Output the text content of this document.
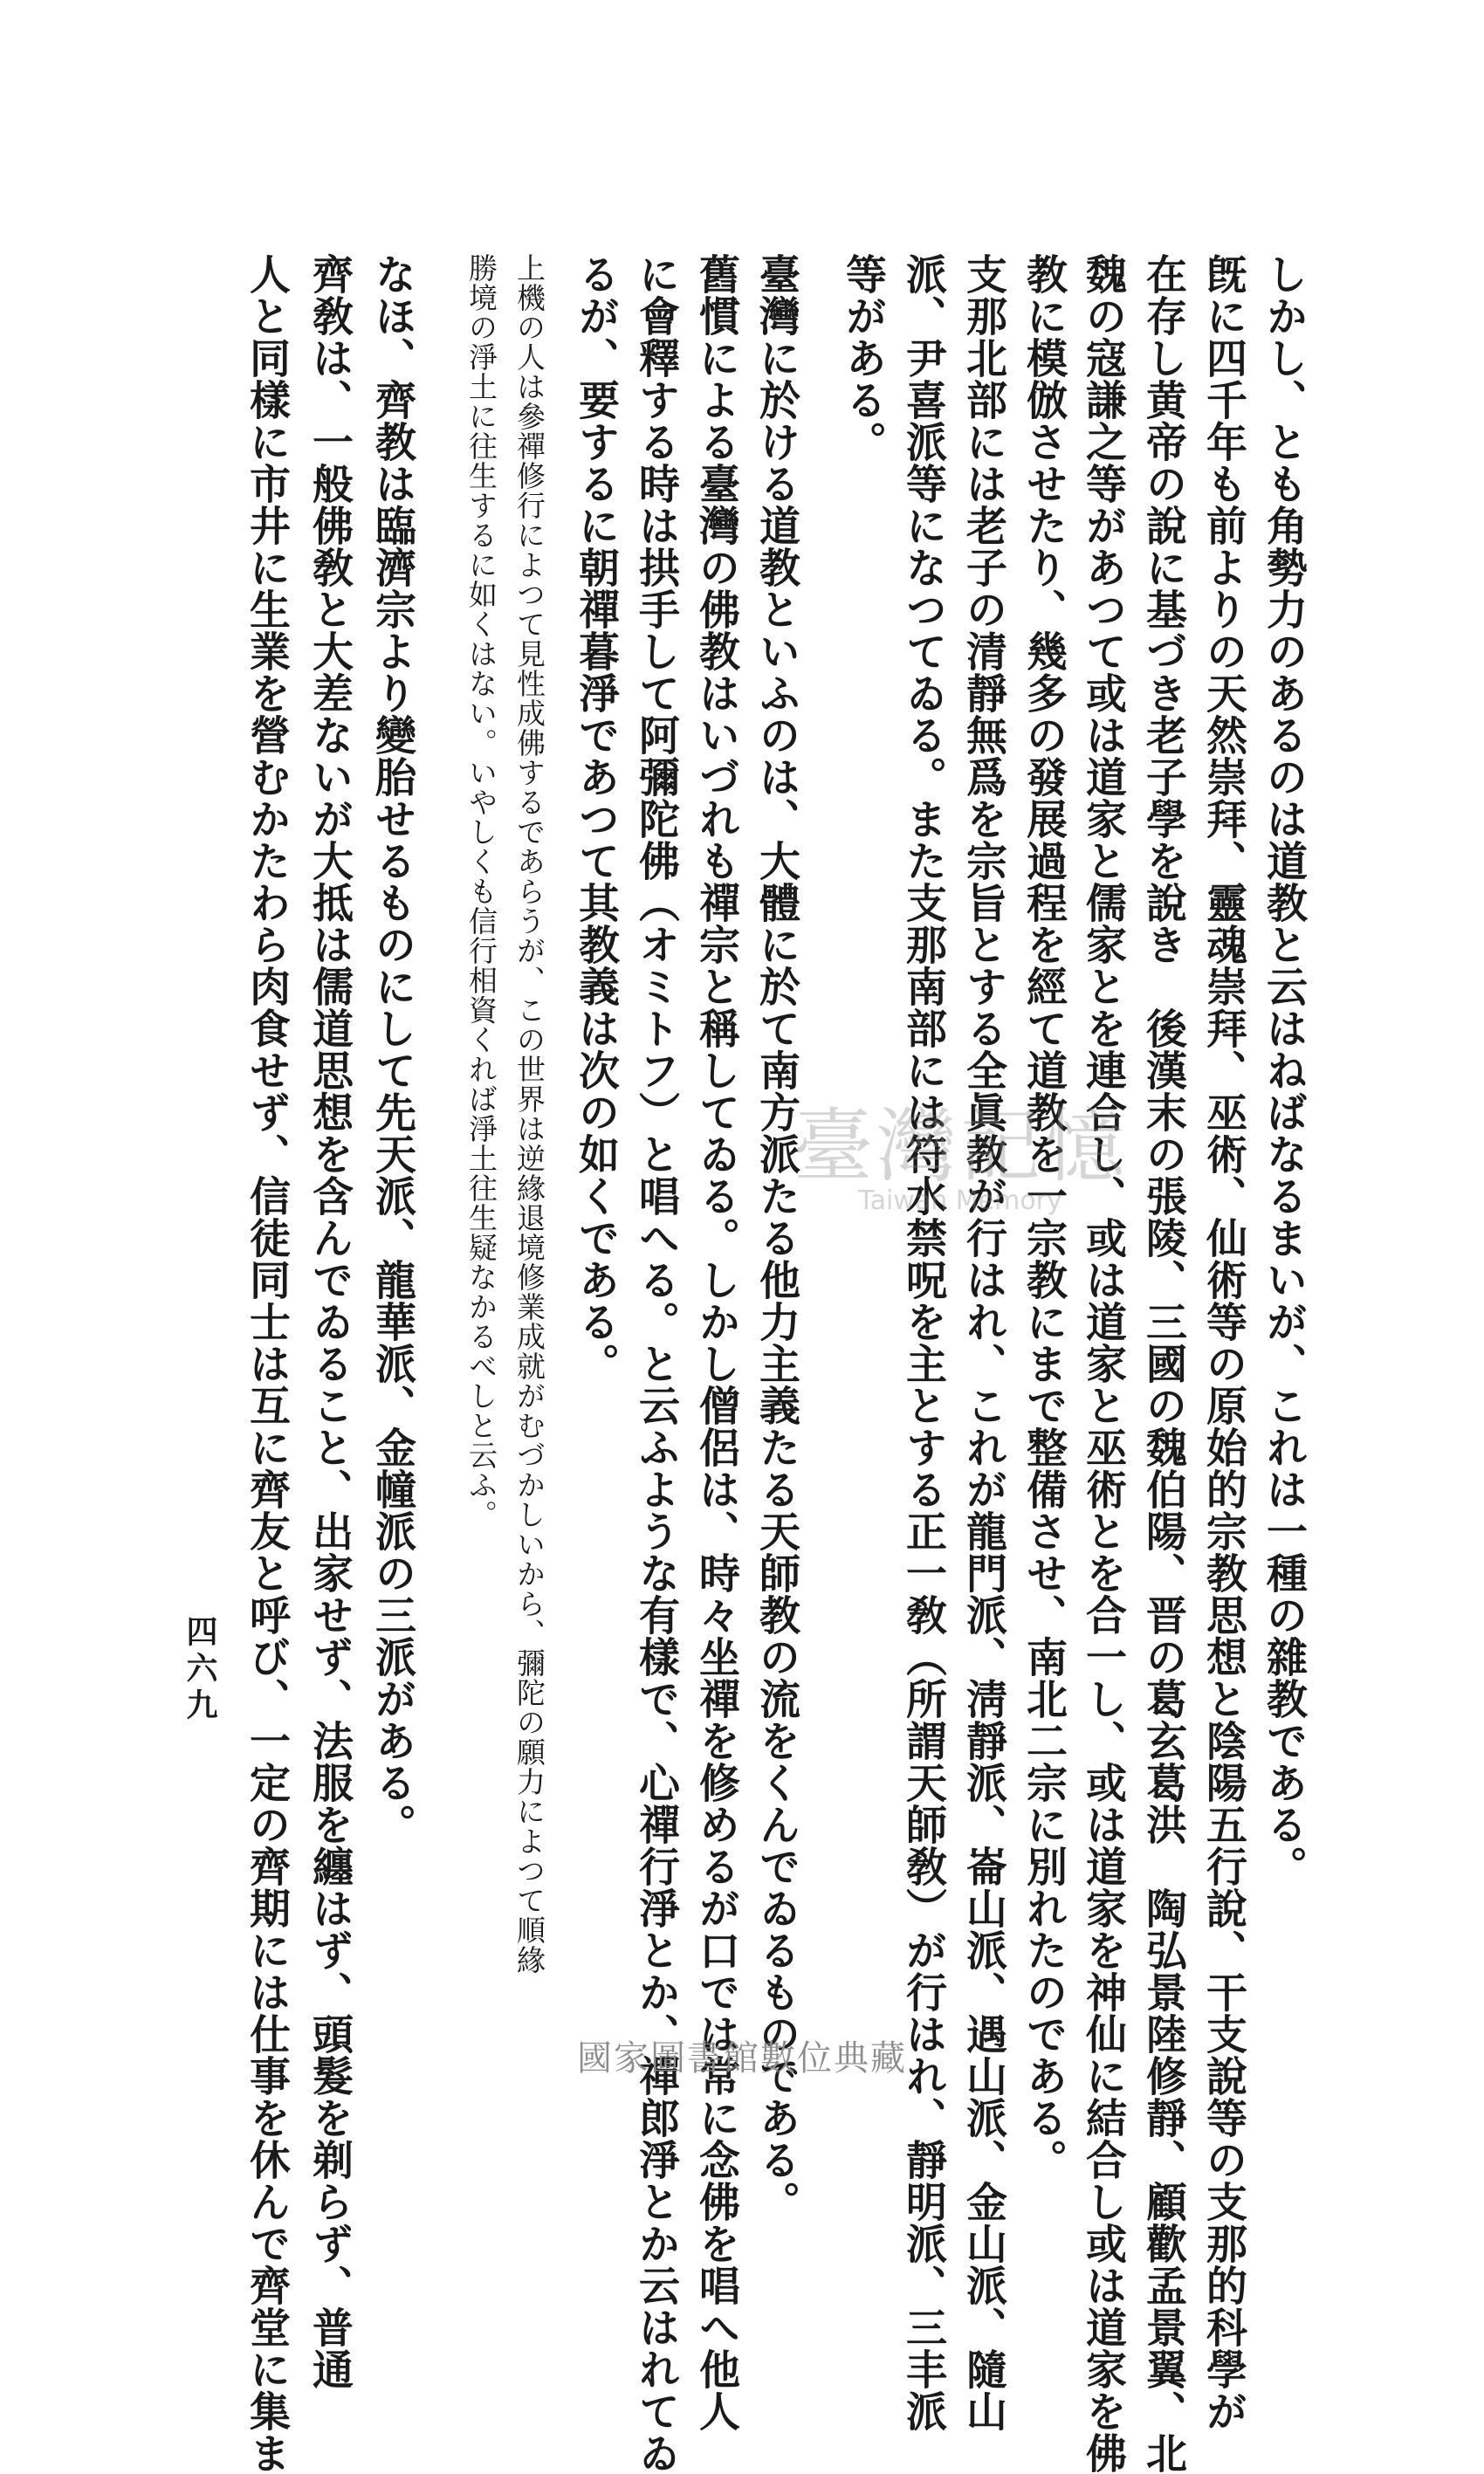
しかし、とも角勢力のあるのは道教と云はねばなるまいが、これは一種の雜教である。
旣に四千年も前よりの天然崇拜、靈魂崇拜、巫術、仙術等の原始的宗教思想と陰陽五行說、干支說等の支那的科學が
在存し黄帝の說に基づき老子學を說き　後漢末の張陵、三國の魏伯陽、晋の葛玄葛洪　陶弘景陸修靜、顧歡孟景翼、北
魏の寇謙之等があつて或は道家と儒家とを連合し、或は道家と巫術とを合一し、或は道家を神仙に結合し或は道家を佛
教に模倣させたり、幾多の發展過程を經て道教を一宗教にまで整備させ、南北二宗に別れたのである。
支那北部には老子の清靜無爲を宗旨とする全眞教が行はれ、これが龍門派、淸靜派、崙山派、遇山派、金山派、隨山
派、尹喜派等になつてゐる。また支那南部には符水禁呪を主とする正一敎（所謂天師敎）が行はれ、靜明派、三丰派
等がある。
臺灣に於ける道教といふのは、大體に於て南方派たる他力主義たる天師教の流をくんでゐるものである。
舊慣による臺灣の佛教はいづれも禪宗と稱してゐる。しかし僧侶は、時々坐禪を修めるが口では常に念佛を唱へ他人
に會釋する時は拱手して阿彌陀佛（オミトフ）と唱へる。と云ふような有樣で、心禪行淨とか、禪郎淨とか云はれてゐ
るが、要するに朝禪暮淨であつて其教義は次の如くである。
上機の人は參禪修行によつて見性成佛するであらうが、この世界は逆緣退境修業成就がむづかしいから、彌陀の願力によつて順緣
勝境の淨土に往生するに如くはない。いやしくも信行相資くれば淨土往生疑なかるべしと云ふ。
なほ、齊教は臨濟宗より變胎せるものにして先天派、龍華派、金幢派の三派がある。
齊敎は、一般佛敎と大差ないが大抵は儒道思想を含んでゐること、出家せず、法服を纏はず、頭髮を剃らず、普通
人と同樣に市井に生業を營むかたわら肉食せず、信徒同士は互に齊友と呼び、一定の齊期には仕事を休んで齊堂に集ま
四六九
臺灣記憶
Taiwan Memory
國家圖書館數位典藏
